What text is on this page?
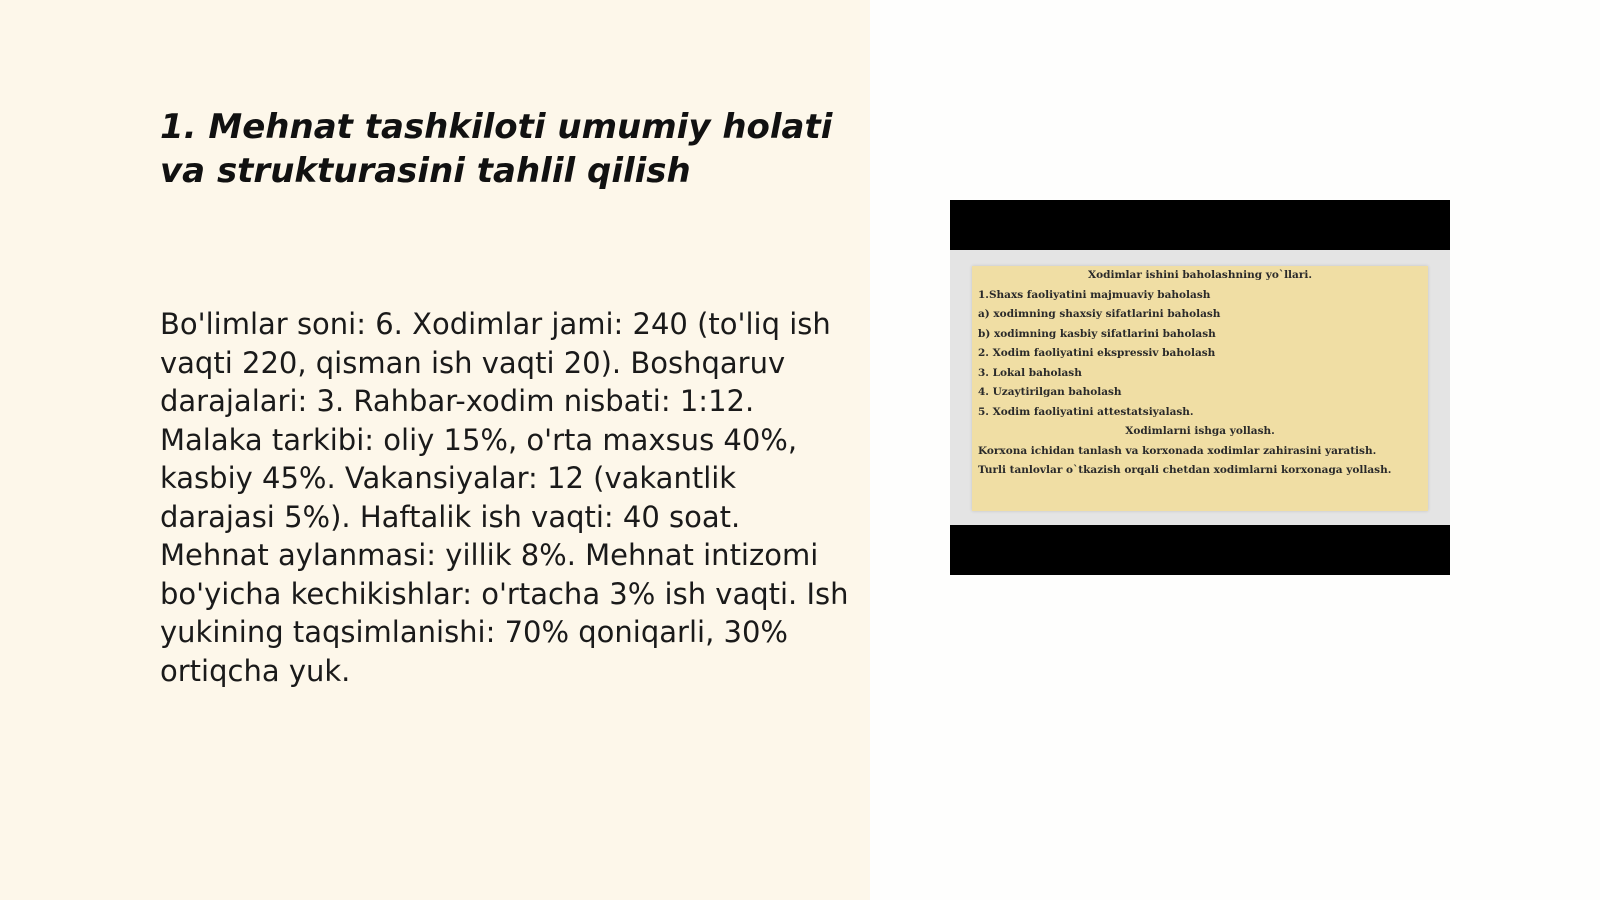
1. Mehnat tashkiloti umumiy holati va strukturasini tahlil qilish

Bo'limlar soni: 6. Xodimlar jami: 240 (to'liq ish vaqti 220, qisman ish vaqti 20). Boshqaruv darajalari: 3. Rahbar-xodim nisbati: 1:12. Malaka tarkibi: oliy 15%, o'rta maxsus 40%, kasbiy 45%. Vakansiyalar: 12 (vakantlik darajasi 5%). Haftalik ish vaqti: 40 soat. Mehnat aylanmasi: yillik 8%. Mehnat intizomi bo'yicha kechikishlar: o'rtacha 3% ish vaqti. Ish yukining taqsimlanishi: 70% qoniqarli, 30% ortiqcha yuk.

Xodimlar ishini baholashning yo`llari.
1.Shaxs faoliyatini majmuaviy baholash
a) xodimning shaxsiy sifatlarini baholash
b) xodimning kasbiy sifatlarini baholash
2. Xodim faoliyatini ekspressiv baholash
3. Lokal baholash
4. Uzaytirilgan baholash
5. Xodim faoliyatini attestatsiyalash.
Xodimlarni ishga yollash.
Korxona ichidan tanlash va korxonada xodimlar zahirasini yaratish.
Turli tanlovlar o`tkazish orqali chetdan xodimlarni korxonaga yollash.
